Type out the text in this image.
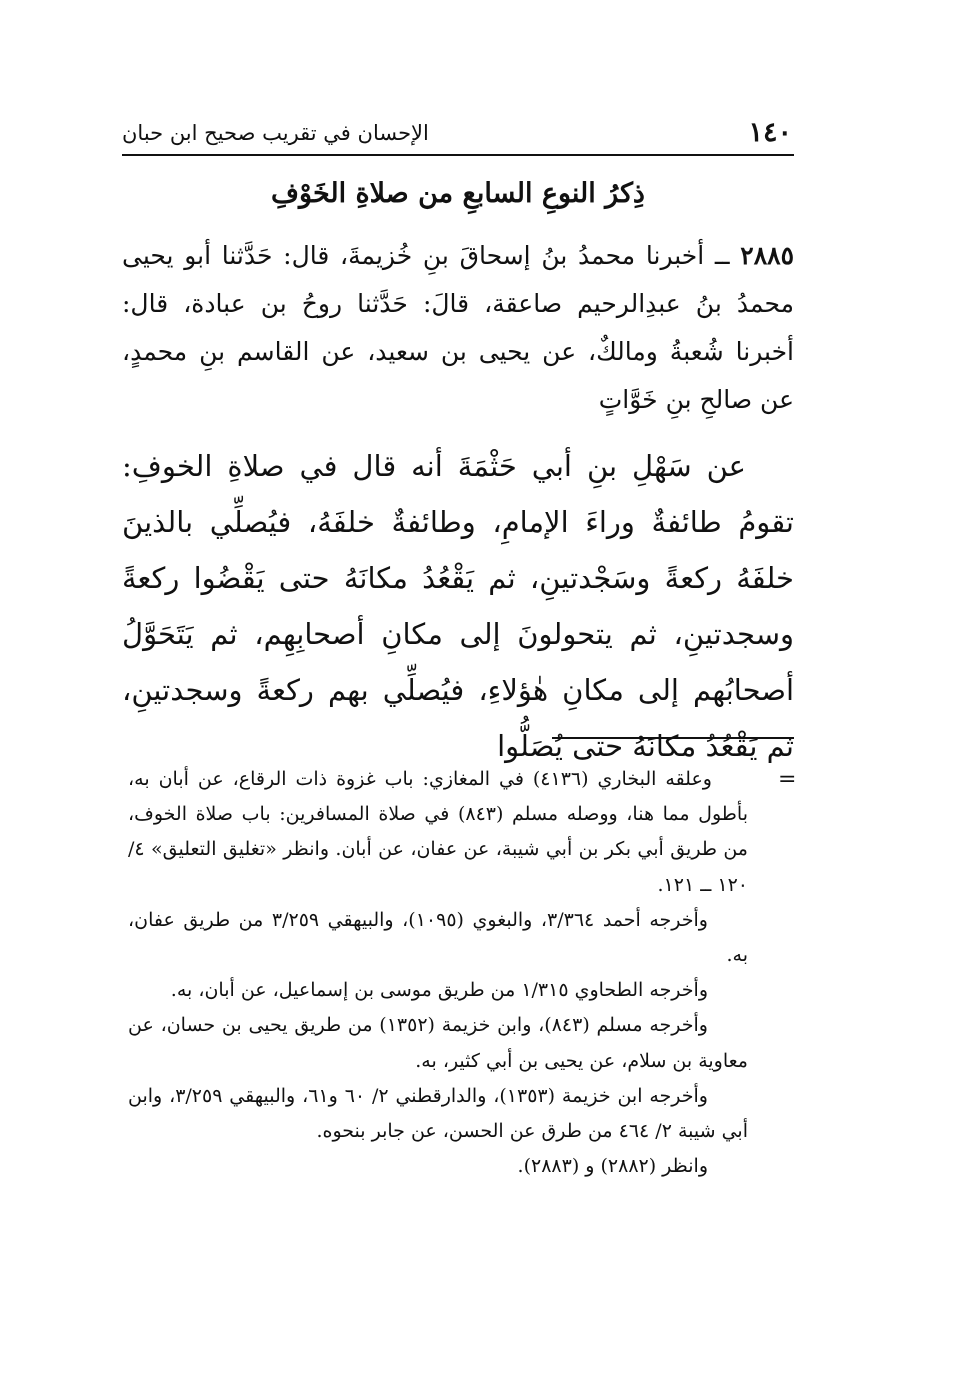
١٤٠
الإحسان في تقريب صحيح ابن حبان
ذِكرُ النوعِ السابعِ من صلاةِ الخَوْفِ

٢٨٨٥ ــ أخبرنا محمدُ بنُ إسحاقَ بنِ خُزيمةَ، قال: حَدَّثنا أبو يحيى محمدُ بنُ عبدِالرحيم صاعقة، قالَ: حَدَّثنا روحُ بن عبادة، قال: أخبرنا شُعبةُ ومالكٌ، عن يحيى بن سعيد، عن القاسم بنِ محمدٍ، عن صالحِ بنِ خَوَّاتٍ

عن سَهْلِ بنِ أبي حَثْمَةَ أنه قال في صلاةِ الخوفِ: تقومُ طائفةٌ وراءَ الإمامِ، وطائفةٌ خلفَهُ، فيُصلِّي بالذينَ خلفَهُ ركعةً وسَجْدتينِ، ثم يَقْعُدُ مكانَهُ حتى يَقْضُوا ركعةً وسجدتينِ، ثم يتحولونَ إلى مكانِ أصحابِهِم، ثم يَتَحَوَّلُ أصحابُهم إلى مكانِ هٰؤلاءِ، فيُصلِّي بهم ركعةً وسجدتينِ، ثم يَقْعُدُ مكانَهُ حتى يُصَلُّوا

=

وعلقه البخاري (٤١٣٦) في المغازي: باب غزوة ذات الرقاع، عن أبان به، بأطول مما هنا، ووصله مسلم (٨٤٣) في صلاة المسافرين: باب صلاة الخوف، من طريق أبي بكر بن أبي شيبة، عن عفان، عن أبان. وانظر «تغليق التعليق» ٤/ ١٢٠ ــ ١٢١.

وأخرجه أحمد ٣/٣٦٤، والبغوي (١٠٩٥)، والبيهقي ٣/٢٥٩ من طريق عفان، به.

وأخرجه الطحاوي ١/٣١٥ من طريق موسى بن إسماعيل، عن أبان، به.

وأخرجه مسلم (٨٤٣)، وابن خزيمة (١٣٥٢) من طريق يحيى بن حسان، عن معاوية بن سلام، عن يحيى بن أبي كثير، به.

وأخرجه ابن خزيمة (١٣٥٣)، والدارقطني ٢/ ٦٠ و٦١، والبيهقي ٣/٢٥٩، وابن أبي شيبة ٢/ ٤٦٤ من طرق عن الحسن، عن جابر بنحوه.

وانظر (٢٨٨٢) و (٢٨٨٣).
